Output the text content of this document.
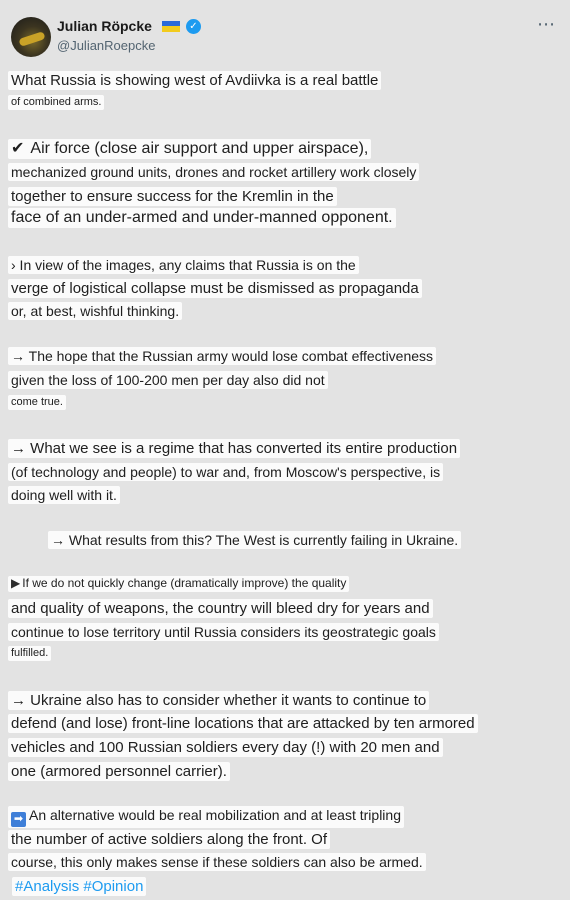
Julian Röpcke	✓
@JulianRoepcke
⋯
What Russia is showing west of Avdiivka is a real battle
of combined arms.
✔ Air force (close air support and upper airspace),
mechanized ground units, drones and rocket artillery work closely
together to ensure success for the Kremlin in the
face of an under-armed and under-manned opponent.
› In view of the images, any claims that Russia is on the
verge of logistical collapse must be dismissed as propaganda
or, at best, wishful thinking.
→ The hope that the Russian army would lose combat effectiveness
given the loss of 100-200 men per day also did not
come true.
→ What we see is a regime that has converted its entire production
(of technology and people) to war and, from Moscow's perspective, is
doing well with it.
→ What results from this? The West is currently failing in Ukraine.
▶ If we do not quickly change (dramatically improve) the quality
and quality of weapons, the country will bleed dry for years and
continue to lose territory until Russia considers its geostrategic goals
fulfilled.
→ Ukraine also has to consider whether it wants to continue to
defend (and lose) front-line locations that are attacked by ten armored
vehicles and 100 Russian soldiers every day (!) with 20 men and
one (armored personnel carrier).
➡ An alternative would be real mobilization and at least tripling
the number of active soldiers along the front. Of
course, this only makes sense if these soldiers can also be armed.
#Analysis #Opinion
